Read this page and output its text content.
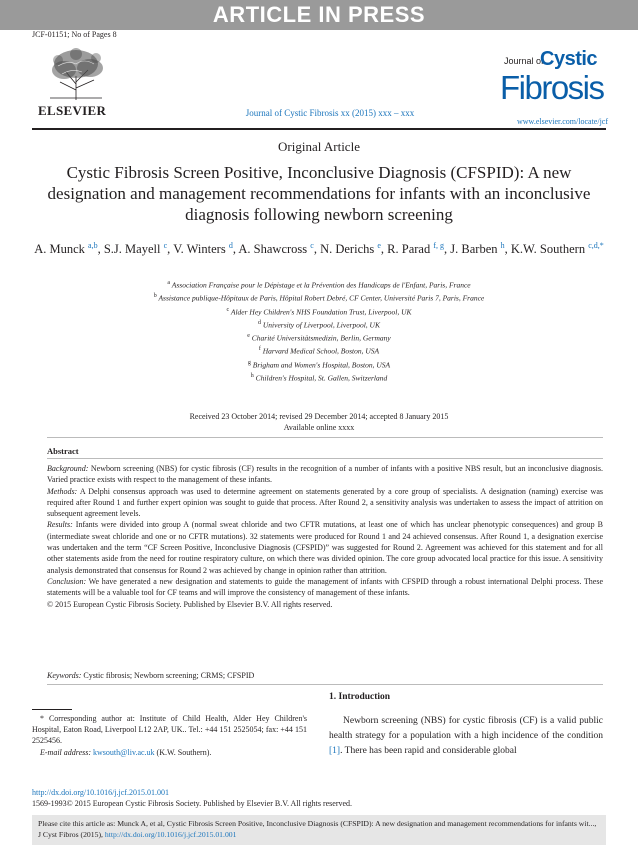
ARTICLE IN PRESS
JCF-01151; No of Pages 8
ELSEVIER	Journal of Cystic Fibrosis xx (2015) xxx – xxx
Journal of
Cystic
Fibrosis
www.elsevier.com/locate/jcf
Original Article
Cystic Fibrosis Screen Positive, Inconclusive Diagnosis (CFSPID): A new designation and management recommendations for infants with an inconclusive diagnosis following newborn screening
A. Munck $^{a,b}$, S.J. Mayell $^c$, V. Winters $^d$, A. Shawcross $^c$, N. Derichs $^e$, R. Parad $^{f, g}$, J. Barben $^h$, K.W. Southern $^{c,d,*}$
$^a$ Association Française pour le Dépistage et la Prévention des Handicaps de l'Enfant, Paris, France
$^b$ Assistance publique-Hôpitaux de Paris, Hôpital Robert Debré, CF Center, Université Paris 7, Paris, France
$^c$ Alder Hey Children's NHS Foundation Trust, Liverpool, UK
$^d$ University of Liverpool, Liverpool, UK
$^e$ Charité Universitätsmedizin, Berlin, Germany
$^f$ Harvard Medical School, Boston, USA
$^g$ Brigham and Women's Hospital, Boston, USA
$^h$ Children's Hospital, St. Gallen, Switzerland
Received 23 October 2014; revised 29 December 2014; accepted 8 January 2015
Available online xxxx
Abstract

Background: Newborn screening (NBS) for cystic fibrosis (CF) results in the recognition of a number of infants with a positive NBS result, but an inconclusive diagnosis. Varied practice exists with respect to the management of these infants.

Methods: A Delphi consensus approach was used to determine agreement on statements generated by a core group of specialists. A designation (naming) exercise was required after Round 1 and further expert opinion was sought to guide that process. After Round 2, a sensitivity analysis was undertaken to assess the impact of attrition on subsequent agreement levels.

Results: Infants were divided into group A (normal sweat chloride and two CFTR mutations, at least one of which has unclear phenotypic consequences) and group B (intermediate sweat chloride and one or no CFTR mutations). 32 statements were produced for Round 1 and 24 achieved consensus. After Round 1, a designation exercise was undertaken and the term “CF Screen Positive, Inconclusive Diagnosis (CFSPID)” was suggested for Round 2. Agreement was achieved for this statement and for all other statements aside from the need for routine respiratory culture, on which there was divided opinion. The core group advocated local practice for this issue. A sensitivity analysis demonstrated that consensus for Round 2 was achieved by change in opinion rather than attrition.

Conclusion: We have generated a new designation and statements to guide the management of infants with CFSPID through a robust international Delphi process. These statements will be a valuable tool for CF teams and will improve the consistency of management of these infants.

© 2015 European Cystic Fibrosis Society. Published by Elsevier B.V. All rights reserved.

Keywords: Cystic fibrosis; Newborn screening; CRMS; CFSPID
* Corresponding author at: Institute of Child Health, Alder Hey Children's Hospital, Eaton Road, Liverpool L12 2AP, UK.. Tel.: +44 151 2525054; fax: +44 151 2525456.
E-mail address: kwsouth@liv.ac.uk (K.W. Southern).
1. Introduction
Newborn screening (NBS) for cystic fibrosis (CF) is a valid public health strategy for a population with a high incidence of the condition [1]. There has been rapid and considerable global
http://dx.doi.org/10.1016/j.jcf.2015.01.001
1569-1993© 2015 European Cystic Fibrosis Society. Published by Elsevier B.V. All rights reserved.
Please cite this article as: Munck A, et al, Cystic Fibrosis Screen Positive, Inconclusive Diagnosis (CFSPID): A new designation and management recommendations for infants wit..., J Cyst Fibros (2015), http://dx.doi.org/10.1016/j.jcf.2015.01.001
